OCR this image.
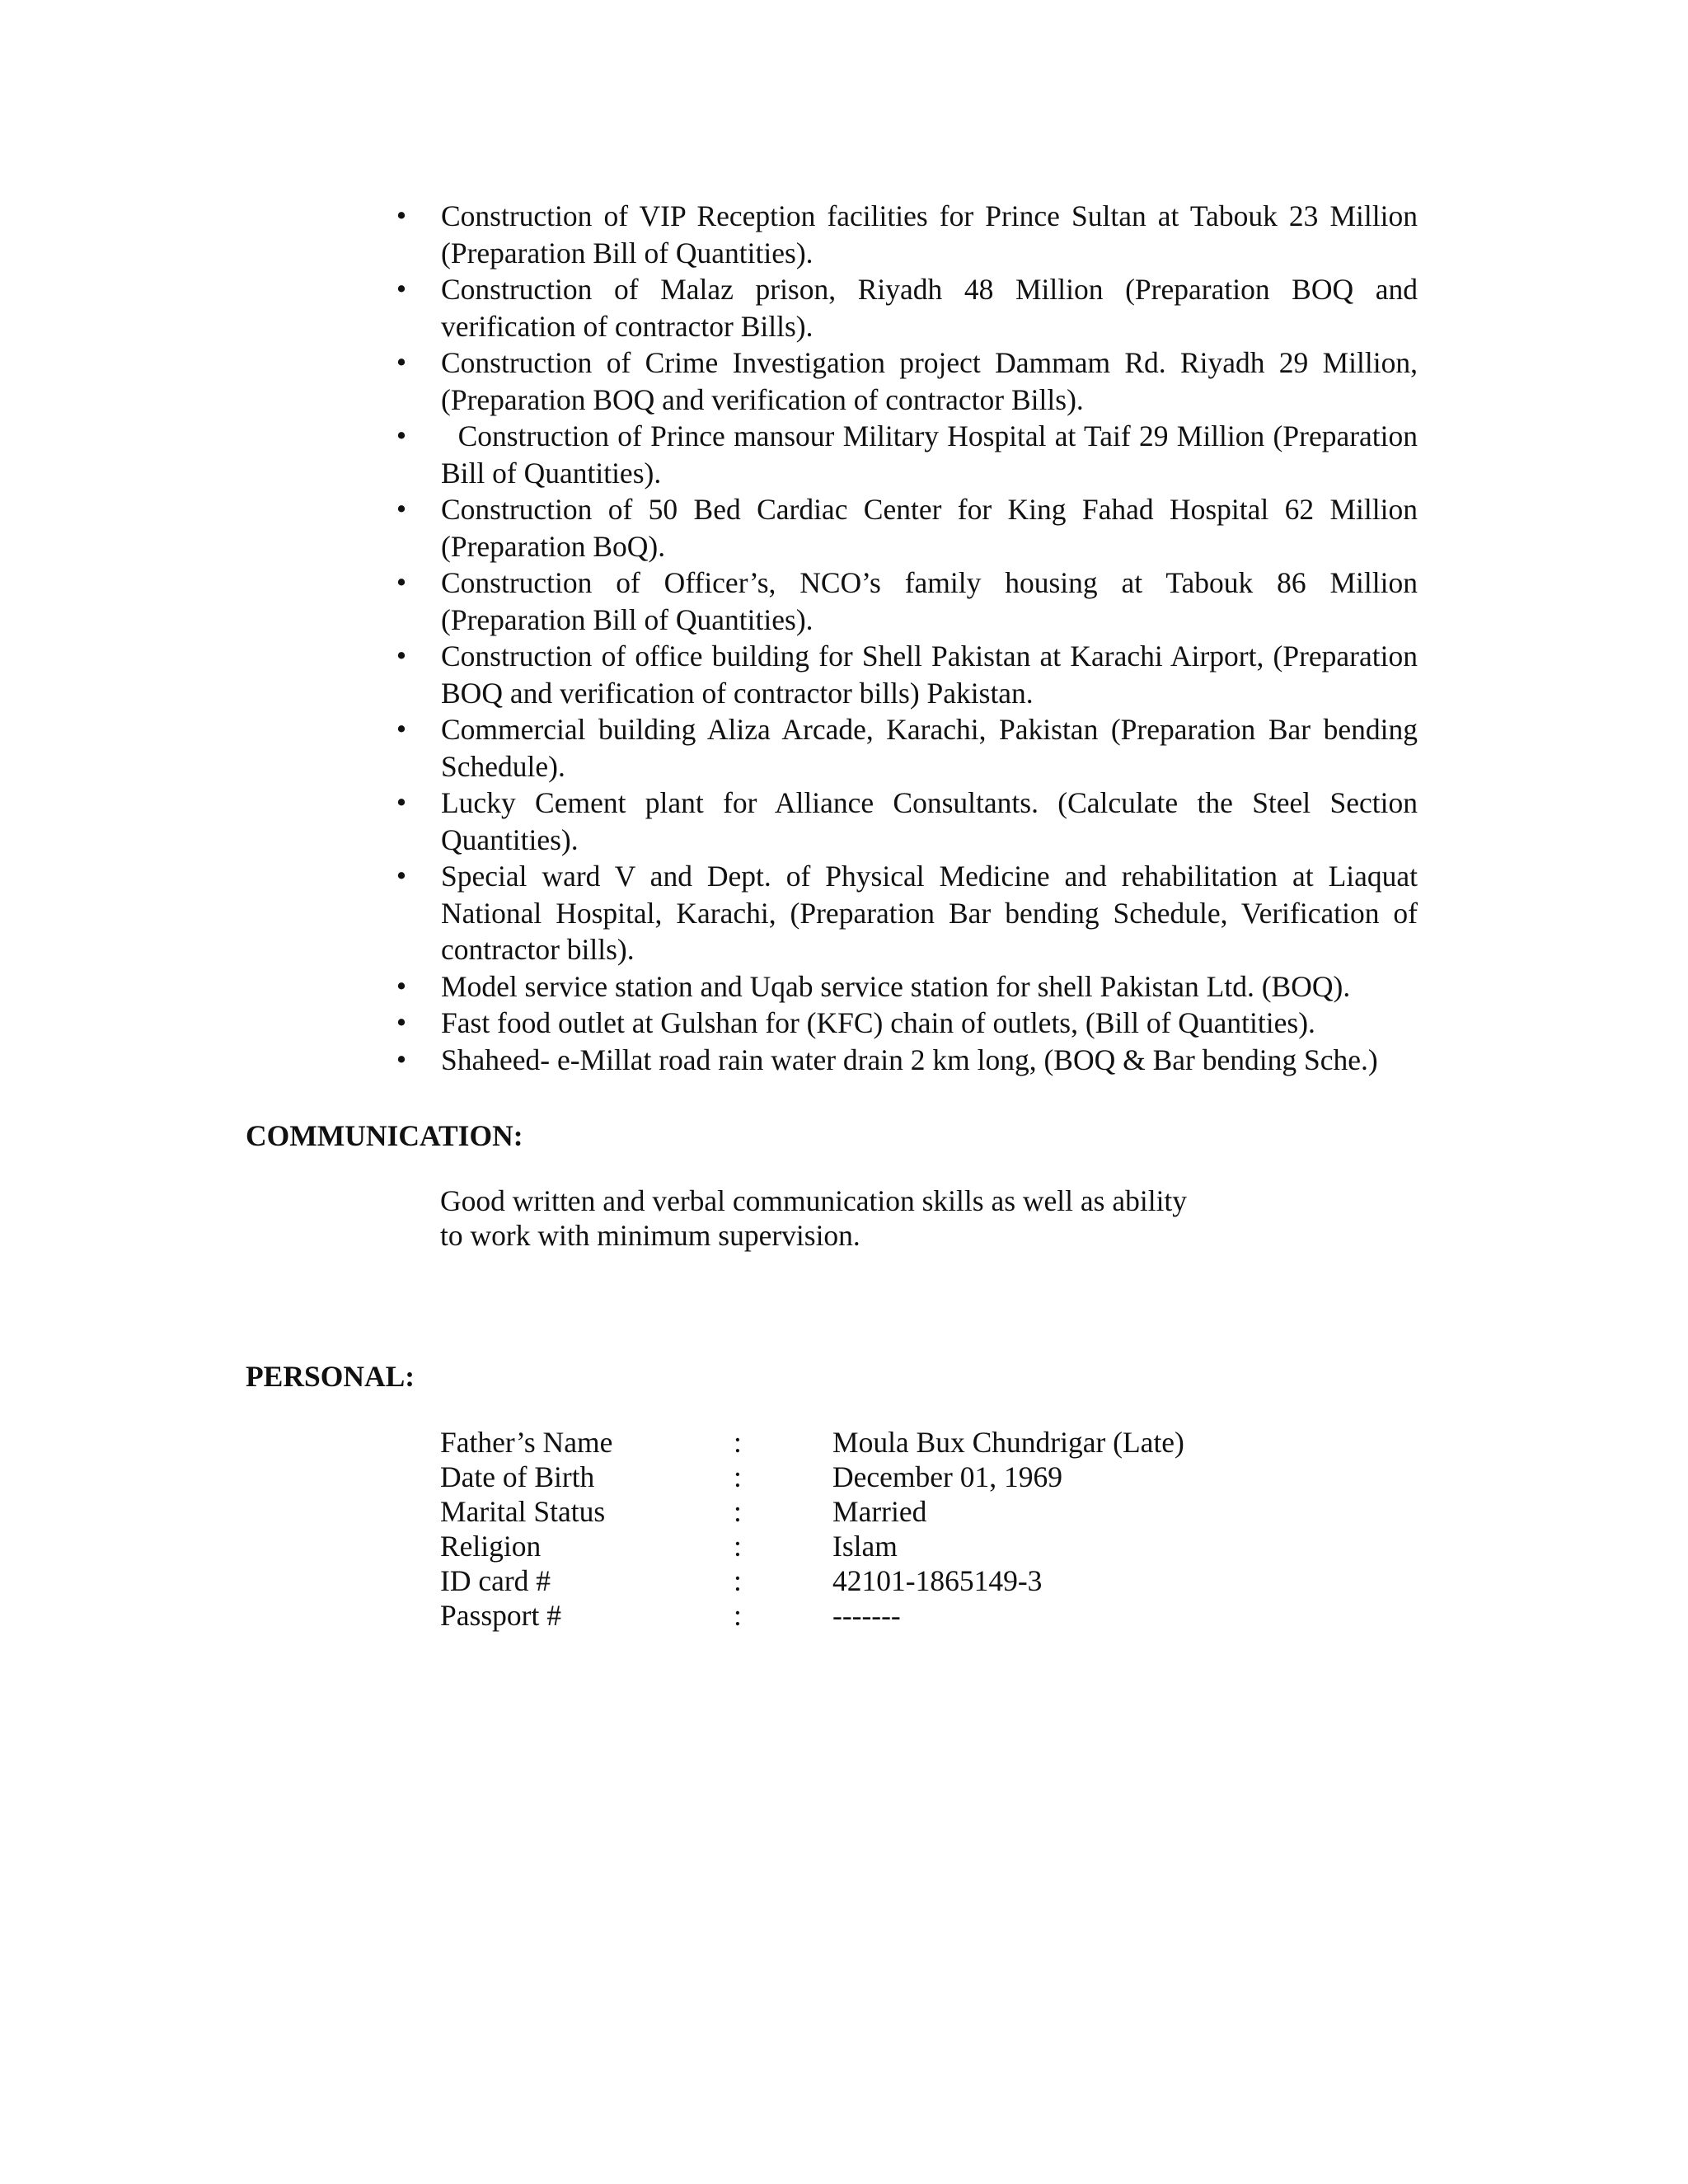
•	Construction of VIP Reception facilities for Prince Sultan at Tabouk 23 Million (Preparation Bill of Quantities).
•	Construction of Malaz prison, Riyadh 48 Million (Preparation BOQ and verification of contractor Bills).
•	Construction of Crime Investigation project Dammam Rd. Riyadh 29 Million, (Preparation BOQ and verification of contractor Bills).
•	Construction of Prince mansour Military Hospital at Taif 29 Million (Preparation Bill of Quantities).
•	Construction of 50 Bed Cardiac Center for King Fahad Hospital 62 Million (Preparation BoQ).
•	Construction of Officer’s, NCO’s family housing at Tabouk 86 Million (Preparation Bill of Quantities).
•	Construction of office building for Shell Pakistan at Karachi Airport, (Preparation BOQ and verification of contractor bills) Pakistan.
•	Commercial building Aliza Arcade, Karachi, Pakistan (Preparation Bar bending Schedule).
•	Lucky Cement plant for Alliance Consultants. (Calculate the Steel Section Quantities).
•	Special ward V and Dept. of Physical Medicine and rehabilitation at Liaquat National Hospital, Karachi, (Preparation Bar bending Schedule, Verification of contractor bills).
•	Model service station and Uqab service station for shell Pakistan Ltd. (BOQ).
•	Fast food outlet at Gulshan for (KFC) chain of outlets, (Bill of Quantities).
•	Shaheed- e-Millat road rain water drain 2 km long, (BOQ & Bar bending Sche.)
COMMUNICATION:
Good written and verbal communication skills as well as ability
to work with minimum supervision.
PERSONAL:
Father’s Name	:	Moula Bux Chundrigar (Late)
Date of Birth	:	December 01, 1969
Marital Status	:	Married
Religion	:	Islam
ID card #	:	42101-1865149-3
Passport #	:	-------
